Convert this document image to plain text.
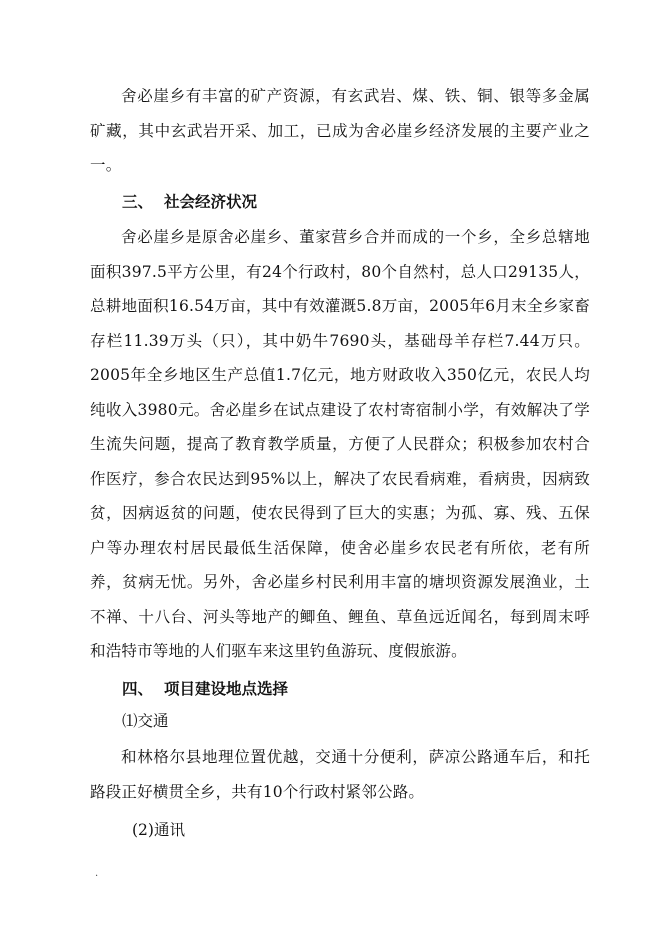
舍必崖乡有丰富的矿产资源，有玄武岩、煤、铁、铜、银等多金属矿藏，其中玄武岩开采、加工，已成为舍必崖乡经济发展的主要产业之一。

三、 社会经济状况

舍必崖乡是原舍必崖乡、董家营乡合并而成的一个乡，全乡总辖地面积397.5平方公里，有24个行政村，80个自然村，总人口29135人，总耕地面积16.54万亩，其中有效灌溉5.8万亩，2005年6月末全乡家畜存栏11.39万头（只），其中奶牛7690头，基础母羊存栏7.44万只。2005年全乡地区生产总值1.7亿元，地方财政收入350亿元，农民人均纯收入3980元。舍必崖乡在试点建设了农村寄宿制小学，有效解决了学生流失问题，提高了教育教学质量，方便了人民群众；积极参加农村合作医疗，参合农民达到95%以上，解决了农民看病难，看病贵，因病致贫，因病返贫的问题，使农民得到了巨大的实惠；为孤、寡、残、五保户等办理农村居民最低生活保障，使舍必崖乡农民老有所依，老有所养，贫病无忧。另外，舍必崖乡村民利用丰富的塘坝资源发展渔业，土不禅、十八台、河头等地产的鲫鱼、鲤鱼、草鱼远近闻名，每到周末呼和浩特市等地的人们驱车来这里钓鱼游玩、度假旅游。

四、 项目建设地点选择

⑴交通

和林格尔县地理位置优越，交通十分便利，萨凉公路通车后，和托路段正好横贯全乡，共有10个行政村紧邻公路。

(2)通讯

.
